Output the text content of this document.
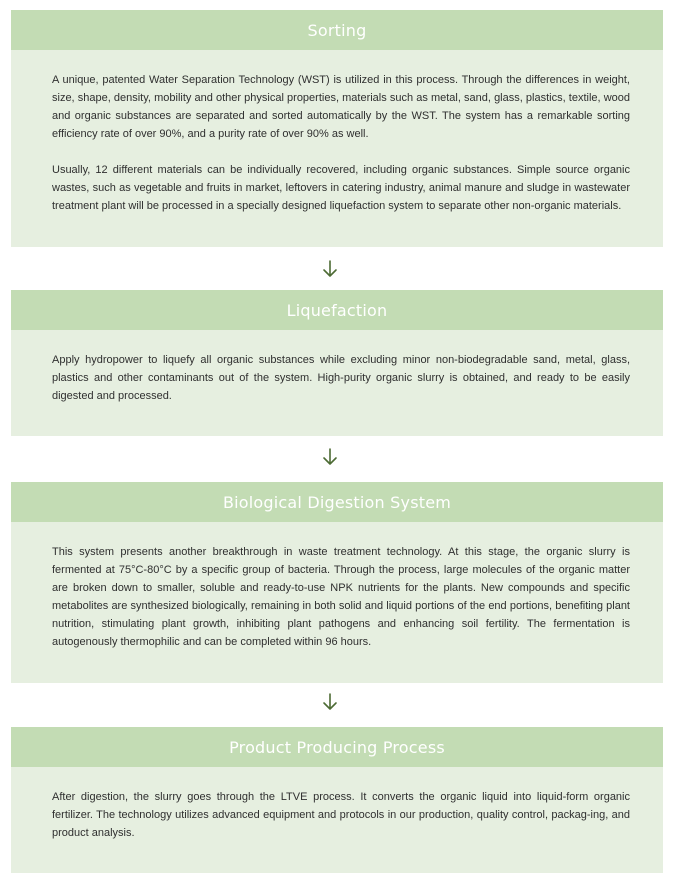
Sorting

A unique, patented Water Separation Technology (WST) is utilized in this process. Through the differences in weight, size, shape, density, mobility and other physical properties, materials such as metal, sand, glass, plastics, textile, wood and organic substances are separated and sorted automatically by the WST. The system has a remarkable sorting efficiency rate of over 90%, and a purity rate of over 90% as well.

Usually, 12 different materials can be individually recovered, including organic substances. Simple source organic wastes, such as vegetable and fruits in market, leftovers in catering industry, animal manure and sludge in wastewater treatment plant will be processed in a specially designed liquefaction system to separate other non-organic materials.

Liquefaction

Apply hydropower to liquefy all organic substances while excluding minor non-biodegradable sand, metal, glass, plastics and other contaminants out of the system. High-purity organic slurry is obtained, and ready to be easily digested and processed.

Biological Digestion System

This system presents another breakthrough in waste treatment technology. At this stage, the organic slurry is fermented at 75°C-80°C by a specific group of bacteria. Through the process, large molecules of the organic matter are broken down to smaller, soluble and ready-to-use NPK nutrients for the plants. New compounds and specific metabolites are synthesized biologically, remaining in both solid and liquid portions of the end portions, benefiting plant nutrition, stimulating plant growth, inhibiting plant pathogens and enhancing soil fertility. The fermentation is autogenously thermophilic and can be completed within 96 hours.

Product Producing Process

After digestion, the slurry goes through the LTVE process. It converts the organic liquid into liquid-form organic fertilizer. The technology utilizes advanced equipment and protocols in our production, quality control, packag-ing, and product analysis.
